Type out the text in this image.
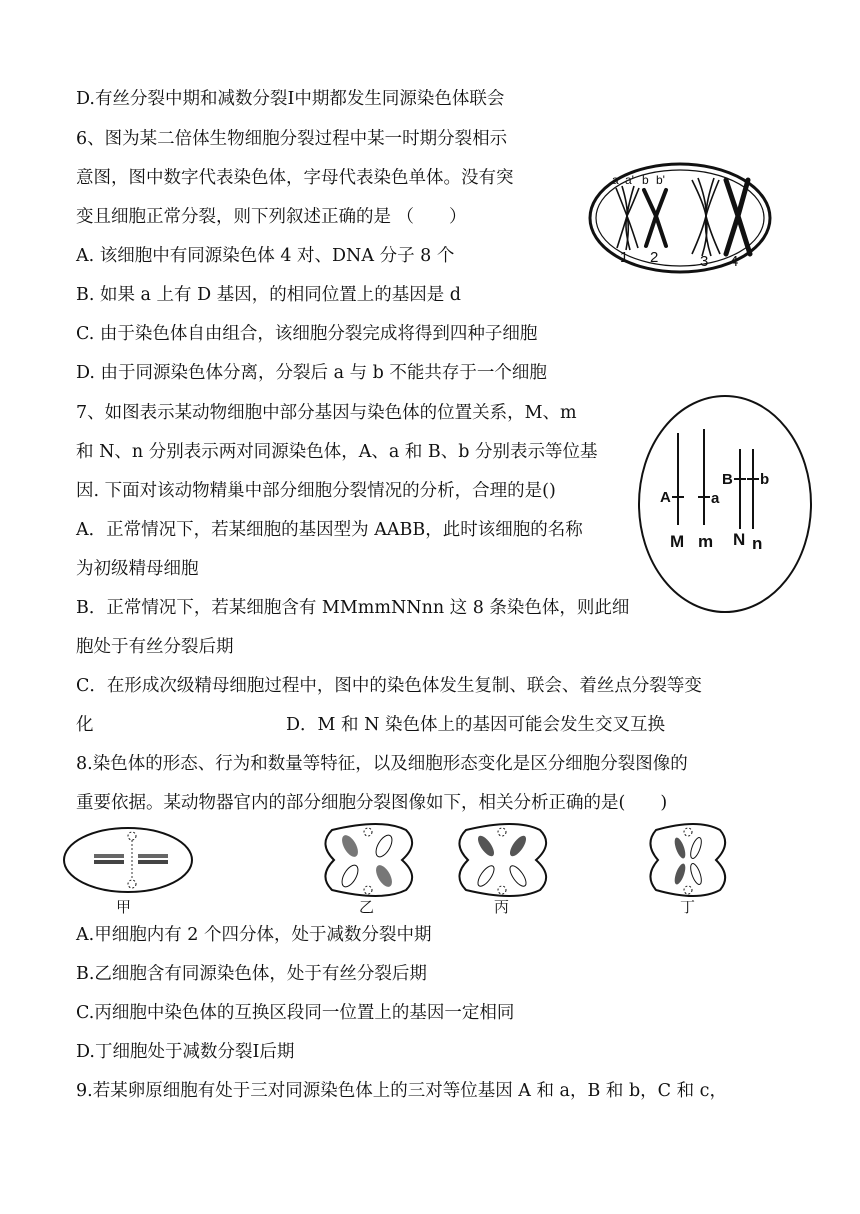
D.有丝分裂中期和减数分裂Ⅰ中期都发生同源染色体联会
6、图为某二倍体生物细胞分裂过程中某一时期分裂相示
意图，图中数字代表染色体，字母代表染色单体。没有突
变且细胞正常分裂，则下列叙述正确的是 （　　）
A. 该细胞中有同源染色体 4 对、DNA 分子 8 个
B. 如果 a 上有 D 基因，的相同位置上的基因是 d
C. 由于染色体自由组合，该细胞分裂完成将得到四种子细胞
D. 由于同源染色体分离，分裂后 a 与 b 不能共存于一个细胞
7、如图表示某动物细胞中部分基因与染色体的位置关系，M、m
和 N、n 分别表示两对同源染色体，A、a 和 B、b 分别表示等位基
因. 下面对该动物精巢中部分细胞分裂情况的分析，合理的是()
A．正常情况下，若某细胞的基因型为 AABB，此时该细胞的名称
为初级精母细胞
B．正常情况下，若某细胞含有 MMmmNNnn 这 8 条染色体，则此细
胞处于有丝分裂后期
C．在形成次级精母细胞过程中，图中的染色体发生复制、联会、着丝点分裂等变
化　　　　　　　　　　　D．M 和 N 染色体上的基因可能会发生交叉互换
8.染色体的形态、行为和数量等特征，以及细胞形态变化是区分细胞分裂图像的
重要依据。某动物器官内的部分细胞分裂图像如下，相关分析正确的是(　　)
A.甲细胞内有 2 个四分体，处于减数分裂中期
B.乙细胞含有同源染色体，处于有丝分裂后期
C.丙细胞中染色体的互换区段同一位置上的基因一定相同
D.丁细胞处于减数分裂Ⅰ后期
9.若某卵原细胞有处于三对同源染色体上的三对等位基因 A 和 a，B 和 b，C 和 c，
a a' b b'
1 2	3 4
A	a
B b
M m N n
甲	乙	丙	丁
